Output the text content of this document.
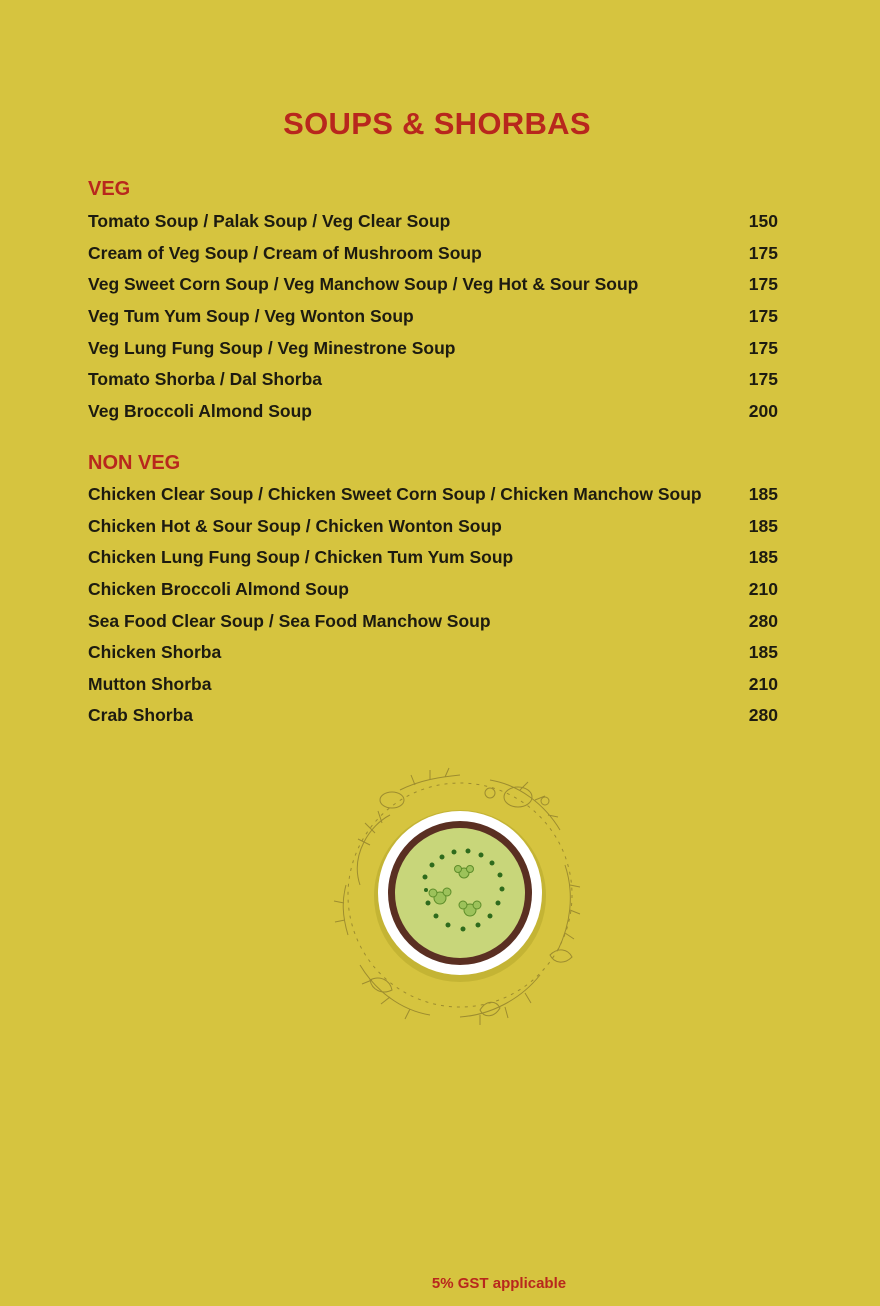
SOUPS & SHORBAS
VEG
Tomato Soup / Palak Soup / Veg Clear Soup	150
Cream of Veg Soup / Cream of Mushroom Soup	175
Veg Sweet Corn Soup / Veg Manchow Soup / Veg Hot & Sour Soup	175
Veg Tum Yum Soup / Veg Wonton Soup	175
Veg Lung Fung Soup / Veg Minestrone Soup	175
Tomato Shorba / Dal Shorba	175
Veg Broccoli Almond Soup	200
NON VEG
Chicken Clear Soup / Chicken Sweet Corn Soup / Chicken Manchow Soup	185
Chicken Hot & Sour Soup / Chicken Wonton Soup	185
Chicken Lung Fung Soup / Chicken Tum Yum Soup	185
Chicken Broccoli Almond Soup	210
Sea Food Clear Soup / Sea Food Manchow Soup	280
Chicken Shorba	185
Mutton Shorba	210
Crab Shorba	280
5% GST applicable
